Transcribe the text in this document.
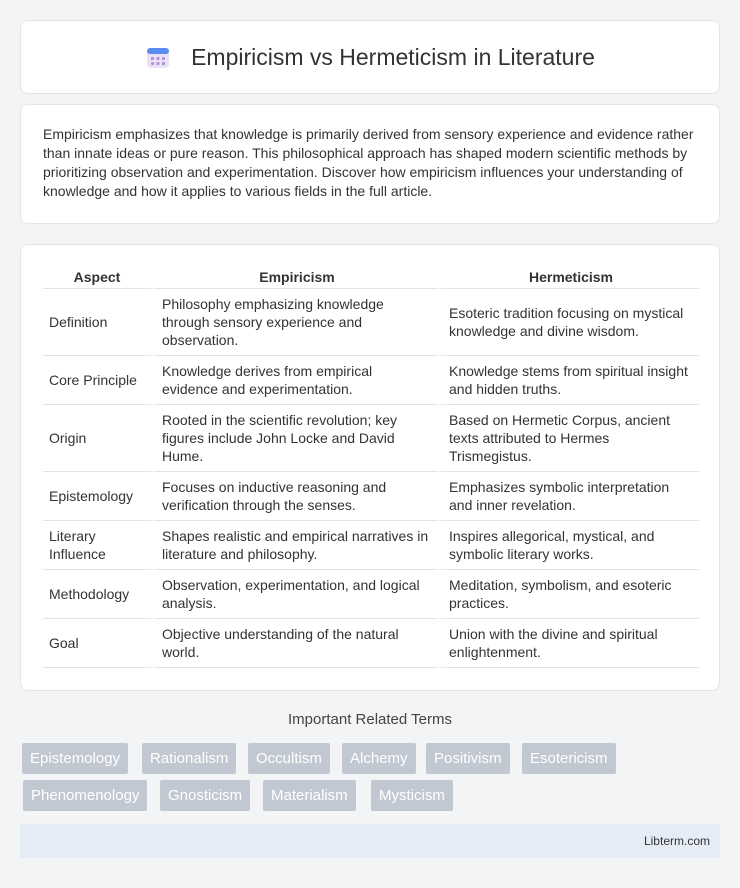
Empiricism vs Hermeticism in Literature

Empiricism emphasizes that knowledge is primarily derived from sensory experience and evidence rather than innate ideas or pure reason. This philosophical approach has shaped modern scientific methods by prioritizing observation and experimentation. Discover how empiricism influences your understanding of knowledge and how it applies to various fields in the full article.

Aspect	Empiricism	Hermeticism
Definition	Philosophy emphasizing knowledge through sensory experience and observation.	Esoteric tradition focusing on mystical knowledge and divine wisdom.
Core Principle	Knowledge derives from empirical evidence and experimentation.	Knowledge stems from spiritual insight and hidden truths.
Origin	Rooted in the scientific revolution; key figures include John Locke and David Hume.	Based on Hermetic Corpus, ancient texts attributed to Hermes Trismegistus.
Epistemology	Focuses on inductive reasoning and verification through the senses.	Emphasizes symbolic interpretation and inner revelation.
Literary Influence	Shapes realistic and empirical narratives in literature and philosophy.	Inspires allegorical, mystical, and symbolic literary works.
Methodology	Observation, experimentation, and logical analysis.	Meditation, symbolism, and esoteric practices.
Goal	Objective understanding of the natural world.	Union with the divine and spiritual enlightenment.
Important Related Terms
Epistemology	Rationalism	Occultism	Alchemy	Positivism	Esotericism
Phenomenology	Gnosticism	Materialism	Mysticism
Libterm.com
